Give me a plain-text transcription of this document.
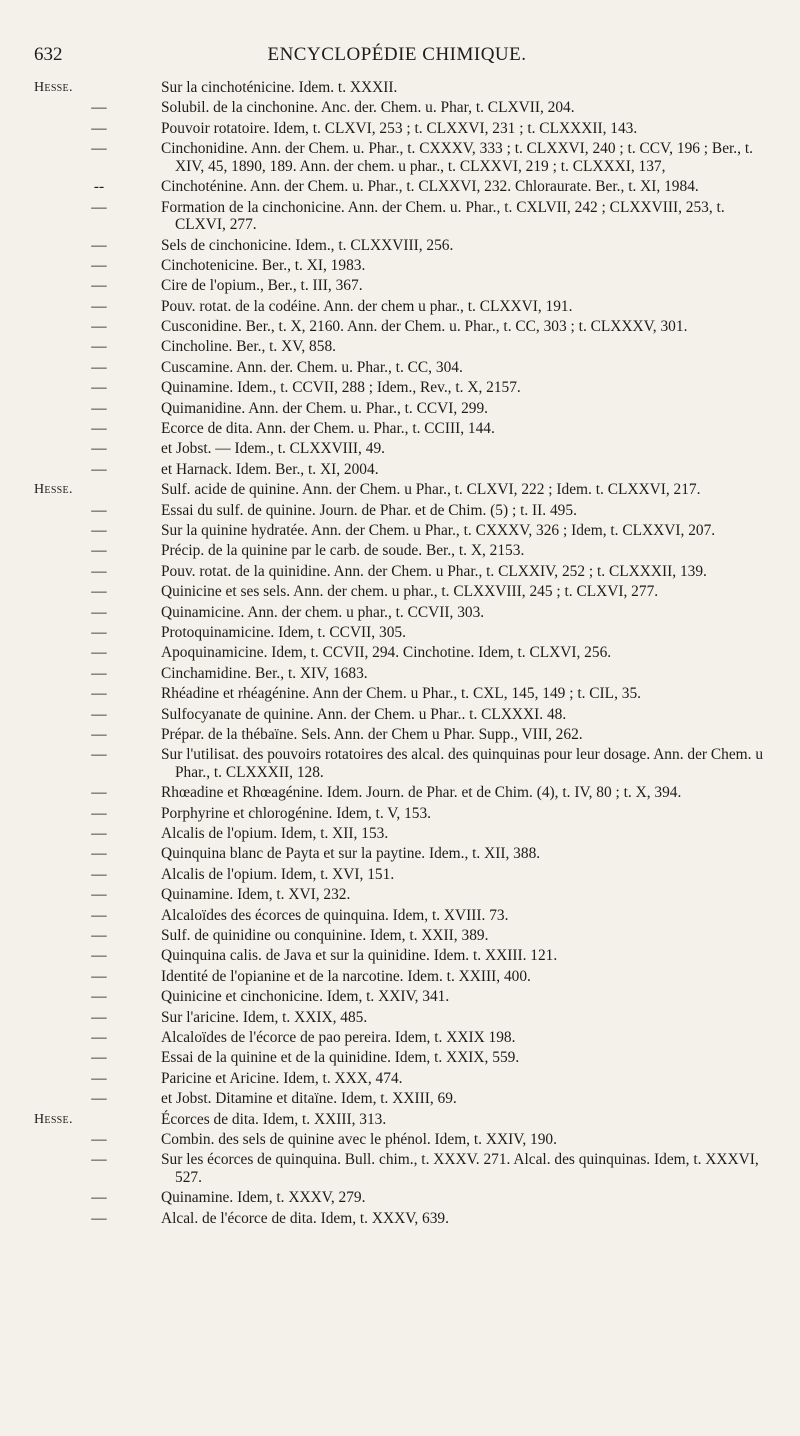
632	ENCYCLOPÉDIE CHIMIQUE.
Hesse.	Sur la cinchoténicine. Idem. t. XXXII.
—	Solubil. de la cinchonine. Anc. der. Chem. u. Phar, t. CLXVII, 204.
—	Pouvoir rotatoire. Idem, t. CLXVI, 253 ; t. CLXXVI, 231 ; t. CLXXXII, 143.
—	Cinchonidine. Ann. der Chem. u. Phar., t. CXXXV, 333 ; t. CLXXVI, 240 ; t. CCV, 196 ; Ber., t. XIV, 45, 1890, 189. Ann. der chem. u phar., t. CLXXVI, 219 ; t. CLXXXI, 137,
--	Cinchoténine. Ann. der Chem. u. Phar., t. CLXXVI, 232. Chloraurate. Ber., t. XI, 1984.
—	Formation de la cinchonicine. Ann. der Chem. u. Phar., t. CXLVII, 242 ; CLXXVIII, 253, t. CLXVI, 277.
—	Sels de cinchonicine. Idem., t. CLXXVIII, 256.
—	Cinchotenicine. Ber., t. XI, 1983.
—	Cire de l'opium., Ber., t. III, 367.
—	Pouv. rotat. de la codéine. Ann. der chem u phar., t. CLXXVI, 191.
—	Cusconidine. Ber., t. X, 2160. Ann. der Chem. u. Phar., t. CC, 303 ; t. CLXXXV, 301.
—	Cincholine. Ber., t. XV, 858.
—	Cuscamine. Ann. der. Chem. u. Phar., t. CC, 304.
—	Quinamine. Idem., t. CCVII, 288 ; Idem., Rev., t. X, 2157.
—	Quimanidine. Ann. der Chem. u. Phar., t. CCVI, 299.
—	Ecorce de dita. Ann. der Chem. u. Phar., t. CCIII, 144.
—	et Jobst. — Idem., t. CLXXVIII, 49.
—	et Harnack. Idem. Ber., t. XI, 2004.
Hesse.	Sulf. acide de quinine. Ann. der Chem. u Phar., t. CLXVI, 222 ; Idem. t. CLXXVI, 217.
—	Essai du sulf. de quinine. Journ. de Phar. et de Chim. (5) ; t. II. 495.
—	Sur la quinine hydratée. Ann. der Chem. u Phar., t. CXXXV, 326 ; Idem, t. CLXXVI, 207.
—	Précip. de la quinine par le carb. de soude. Ber., t. X, 2153.
—	Pouv. rotat. de la quinidine. Ann. der Chem. u Phar., t. CLXXIV, 252 ; t. CLXXXII, 139.
—	Quinicine et ses sels. Ann. der chem. u phar., t. CLXXVIII, 245 ; t. CLXVI, 277.
—	Quinamicine. Ann. der chem. u phar., t. CCVII, 303.
—	Protoquinamicine. Idem, t. CCVII, 305.
—	Apoquinamicine. Idem, t. CCVII, 294. Cinchotine. Idem, t. CLXVI, 256.
—	Cinchamidine. Ber., t. XIV, 1683.
—	Rhéadine et rhéagénine. Ann der Chem. u Phar., t. CXL, 145, 149 ; t. CIL, 35.
—	Sulfocyanate de quinine. Ann. der Chem. u Phar.. t. CLXXXI. 48.
—	Prépar. de la thébaïne. Sels. Ann. der Chem u Phar. Supp., VIII, 262.
—	Sur l'utilisat. des pouvoirs rotatoires des alcal. des quinquinas pour leur dosage. Ann. der Chem. u Phar., t. CLXXXII, 128.
—	Rhœadine et Rhœagénine. Idem. Journ. de Phar. et de Chim. (4), t. IV, 80 ; t. X, 394.
—	Porphyrine et chlorogénine. Idem, t. V, 153.
—	Alcalis de l'opium. Idem, t. XII, 153.
—	Quinquina blanc de Payta et sur la paytine. Idem., t. XII, 388.
—	Alcalis de l'opium. Idem, t. XVI, 151.
—	Quinamine. Idem, t. XVI, 232.
—	Alcaloïdes des écorces de quinquina. Idem, t. XVIII. 73.
—	Sulf. de quinidine ou conquinine. Idem, t. XXII, 389.
—	Quinquina calis. de Java et sur la quinidine. Idem. t. XXIII. 121.
—	Identité de l'opianine et de la narcotine. Idem. t. XXIII, 400.
—	Quinicine et cinchonicine. Idem, t. XXIV, 341.
—	Sur l'aricine. Idem, t. XXIX, 485.
—	Alcaloïdes de l'écorce de pao pereira. Idem, t. XXIX 198.
—	Essai de la quinine et de la quinidine. Idem, t. XXIX, 559.
—	Paricine et Aricine. Idem, t. XXX, 474.
—	et Jobst. Ditamine et ditaïne. Idem, t. XXIII, 69.
Hesse.	Écorces de dita. Idem, t. XXIII, 313.
—	Combin. des sels de quinine avec le phénol. Idem, t. XXIV, 190.
—	Sur les écorces de quinquina. Bull. chim., t. XXXV. 271. Alcal. des quinquinas. Idem, t. XXXVI, 527.
—	Quinamine. Idem, t. XXXV, 279.
—	Alcal. de l'écorce de dita. Idem, t. XXXV, 639.
